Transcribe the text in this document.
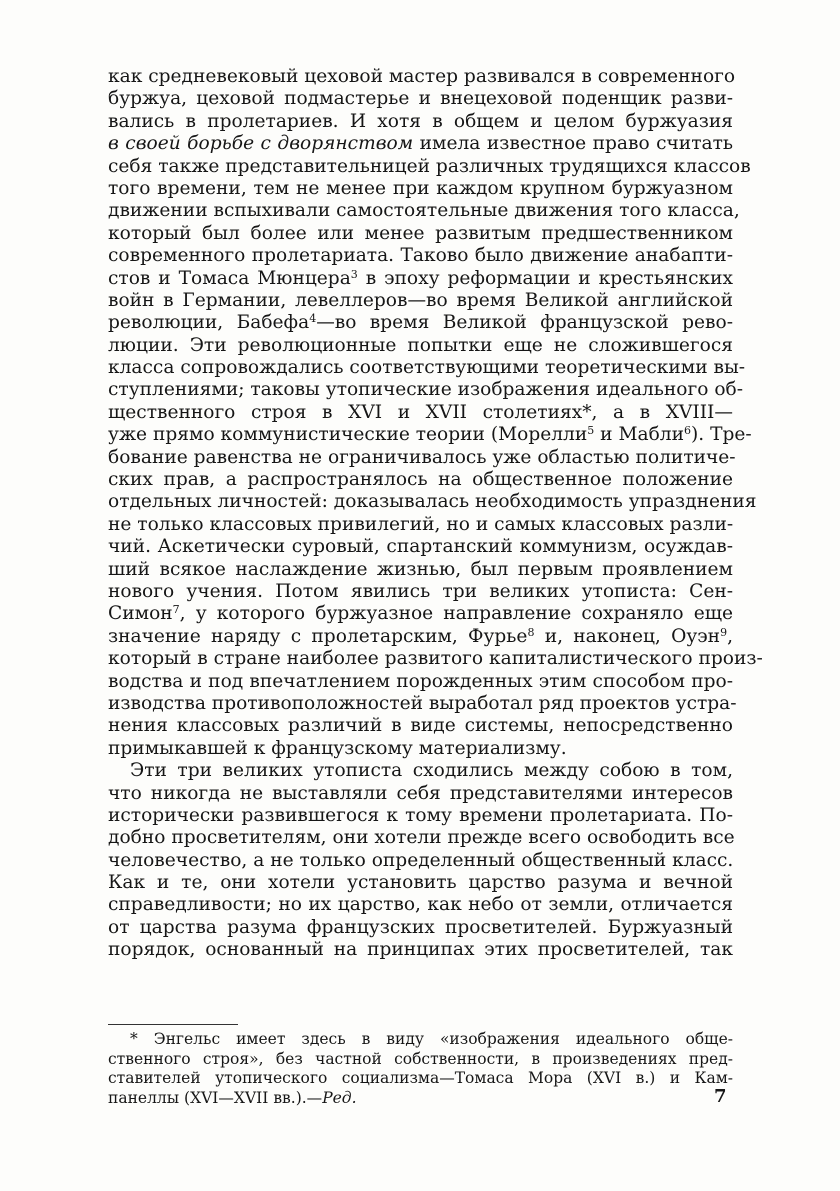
как средневековый цеховой мастер развивался в современного
буржуа, цеховой подмастерье и внецеховой поденщик разви-
вались в пролетариев. И хотя в общем и целом буржуазия
в своей борьбе с дворянством имела известное право считать
себя также представительницей различных трудящихся классов
того времени, тем не менее при каждом крупном буржуазном
движении вспыхивали самостоятельные движения того класса,
который был более или менее развитым предшественником
современного пролетариата. Таково было движение анабапти-
стов и Томаса Мюнцера$^3$ в эпоху реформации и крестьянских
войн в Германии, левеллеров—во время Великой английской
революции, Бабефа$^4$—во время Великой французской рево-
люции. Эти революционные попытки еще не сложившегося
класса сопровождались соответствующими теоретическими вы-
ступлениями; таковы утопические изображения идеального об-
щественного строя в XVI и XVII столетиях*, а в XVIII—
уже прямо коммунистические теории (Морелли$^5$ и Мабли$^6$). Тре-
бование равенства не ограничивалось уже областью политиче-
ских прав, а распространялось на общественное положение
отдельных личностей: доказывалась необходимость упразднения
не только классовых привилегий, но и самых классовых разли-
чий. Аскетически суровый, спартанский коммунизм, осуждав-
ший всякое наслаждение жизнью, был первым проявлением
нового учения. Потом явились три великих утописта: Сен-
Симон$^7$, у которого буржуазное направление сохраняло еще
значение наряду с пролетарским, Фурье$^8$ и, наконец, Оуэн$^9$,
который в стране наиболее развитого капиталистического произ-
водства и под впечатлением порожденных этим способом про-
изводства противоположностей выработал ряд проектов устра-
нения классовых различий в виде системы, непосредственно
примыкавшей к французскому материализму.
Эти три великих утописта сходились между собою в том,
что никогда не выставляли себя представителями интересов
исторически развившегося к тому времени пролетариата. По-
добно просветителям, они хотели прежде всего освободить все
человечество, а не только определенный общественный класс.
Как и те, они хотели установить царство разума и вечной
справедливости; но их царство, как небо от земли, отличается
от царства разума французских просветителей. Буржуазный
порядок, основанный на принципах этих просветителей, так
* Энгельс имеет здесь в виду «изображения идеального обще-
ственного строя», без частной собственности, в произведениях пред-
ставителей утопического социализма—Томаса Мора (XVI в.) и Кам-
панеллы (XVI—XVII вв.).—Ред.	7
